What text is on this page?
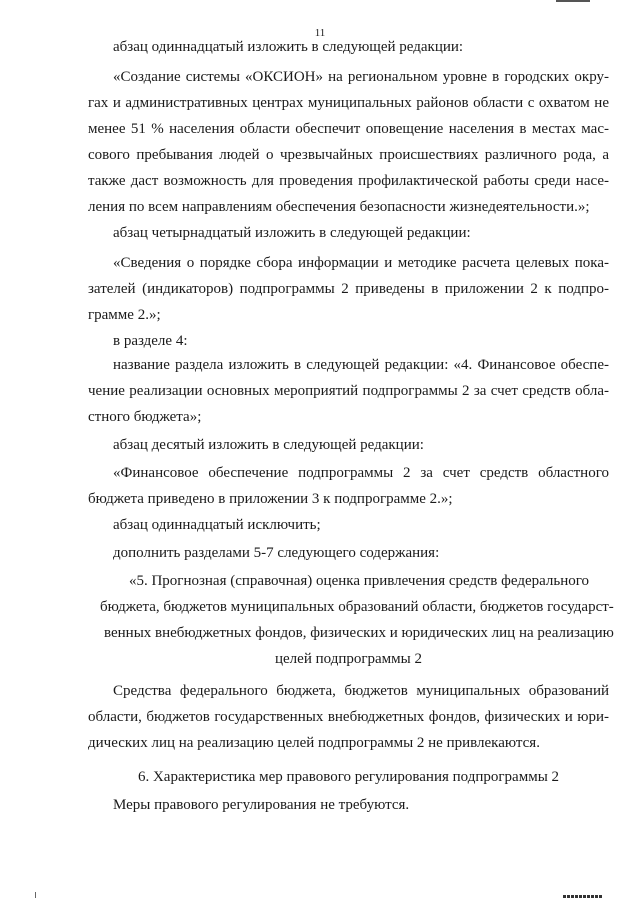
11
абзац одиннадцатый изложить в следующей редакции:
«Создание системы «ОКСИОН» на региональном уровне в городских окру-
гах и административных центрах муниципальных районов области с охватом не
менее 51 % населения области обеспечит оповещение населения в местах мас-
сового пребывания людей о чрезвычайных происшествиях различного рода, а
также даст возможность для проведения профилактической работы среди насе-
ления по всем направлениям обеспечения безопасности жизнедеятельности.»;
абзац четырнадцатый изложить в следующей редакции:
«Сведения о порядке сбора информации и методике расчета целевых пока-
зателей (индикаторов) подпрограммы 2 приведены в приложении 2 к подпро-
грамме 2.»;
в разделе 4:
название раздела изложить в следующей редакции: «4. Финансовое обеспе-
чение реализации основных мероприятий подпрограммы 2 за счет средств обла-
стного бюджета»;
абзац десятый изложить в следующей редакции:
«Финансовое обеспечение подпрограммы 2 за счет средств областного
бюджета приведено в приложении 3 к подпрограмме 2.»;
абзац одиннадцатый исключить;
дополнить разделами 5-7 следующего содержания:
«5. Прогнозная (справочная) оценка привлечения средств федерального
бюджета, бюджетов муниципальных образований области, бюджетов государст-
венных внебюджетных фондов, физических и юридических лиц на реализацию
целей подпрограммы 2
Средства федерального бюджета, бюджетов муниципальных образований
области, бюджетов государственных внебюджетных фондов, физических и юри-
дических лиц на реализацию целей подпрограммы 2 не привлекаются.
6. Характеристика мер правового регулирования подпрограммы 2
Меры правового регулирования не требуются.
